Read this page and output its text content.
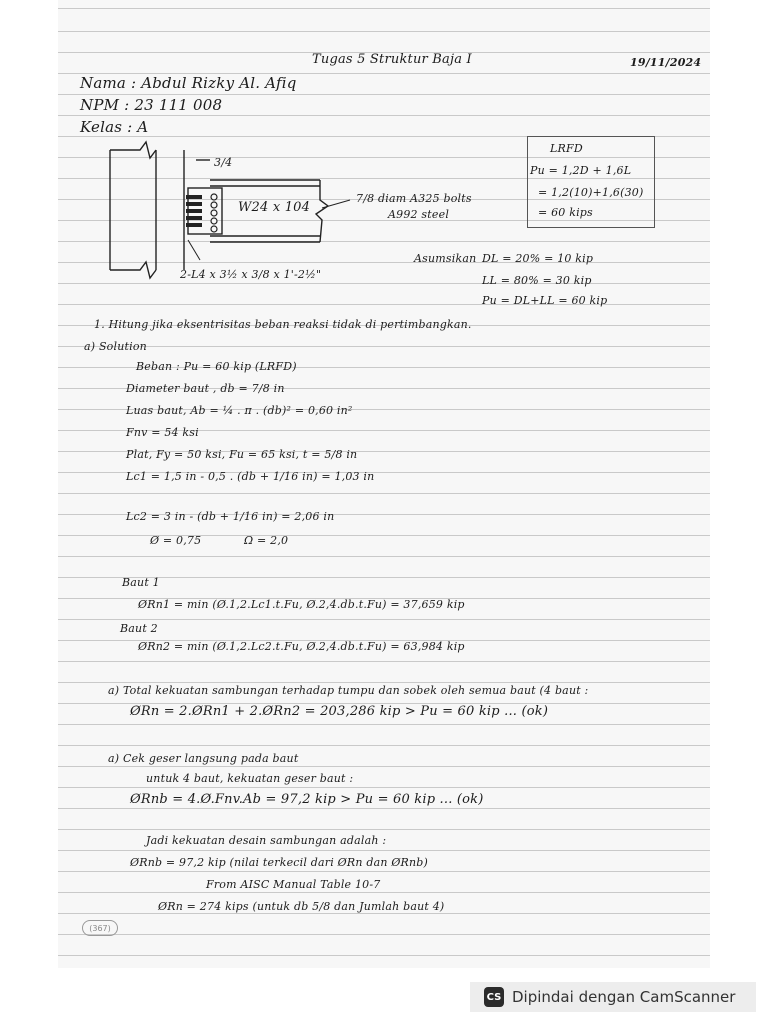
Tugas 5 Struktur Baja I	19/11/2024
Nama : Abdul Rizky Al. Afiq
NPM : 23 111 008
Kelas : A
3/4
W24 x 104
7/8 diam A325 bolts
A992 steel
2-L4 x 3½ x 3/8 x 1'-2½"
LRFD
Pu = 1,2D + 1,6L
= 1,2(10)+1,6(30)
= 60 kips
Asumsikan DL = 20% = 10 kip
LL = 80% = 30 kip
Pu = DL+LL = 60 kip
1. Hitung jika eksentrisitas beban reaksi tidak di pertimbangkan.
a) Solution
Beban : Pu = 60 kip (LRFD)
Diameter baut , db = 7/8 in
Luas baut, Ab = ¼ . π . (db)² = 0,60 in²
Fnv = 54 ksi
Plat, Fy = 50 ksi, Fu = 65 ksi, t = 5/8 in
Lc1 = 1,5 in - 0,5 . (db + 1/16 in) = 1,03 in
Lc2 = 3 in - (db + 1/16 in) = 2,06 in
Ø = 0,75	Ω = 2,0
Baut 1
ØRn1 = min (Ø.1,2.Lc1.t.Fu, Ø.2,4.db.t.Fu) = 37,659 kip
Baut 2
ØRn2 = min (Ø.1,2.Lc2.t.Fu, Ø.2,4.db.t.Fu) = 63,984 kip
a) Total kekuatan sambungan terhadap tumpu dan sobek oleh semua baut (4 baut :
ØRn = 2.ØRn1 + 2.ØRn2 = 203,286 kip > Pu = 60 kip ... (ok)
a) Cek geser langsung pada baut
untuk 4 baut, kekuatan geser baut :
ØRnb = 4.Ø.Fnv.Ab = 97,2 kip > Pu = 60 kip ... (ok)
Jadi kekuatan desain sambungan adalah :
ØRnb = 97,2 kip (nilai terkecil dari ØRn dan ØRnb)
From AISC Manual Table 10-7
ØRn = 274 kips (untuk db 5/8 dan Jumlah baut 4)
(367)
CS Dipindai dengan CamScanner
